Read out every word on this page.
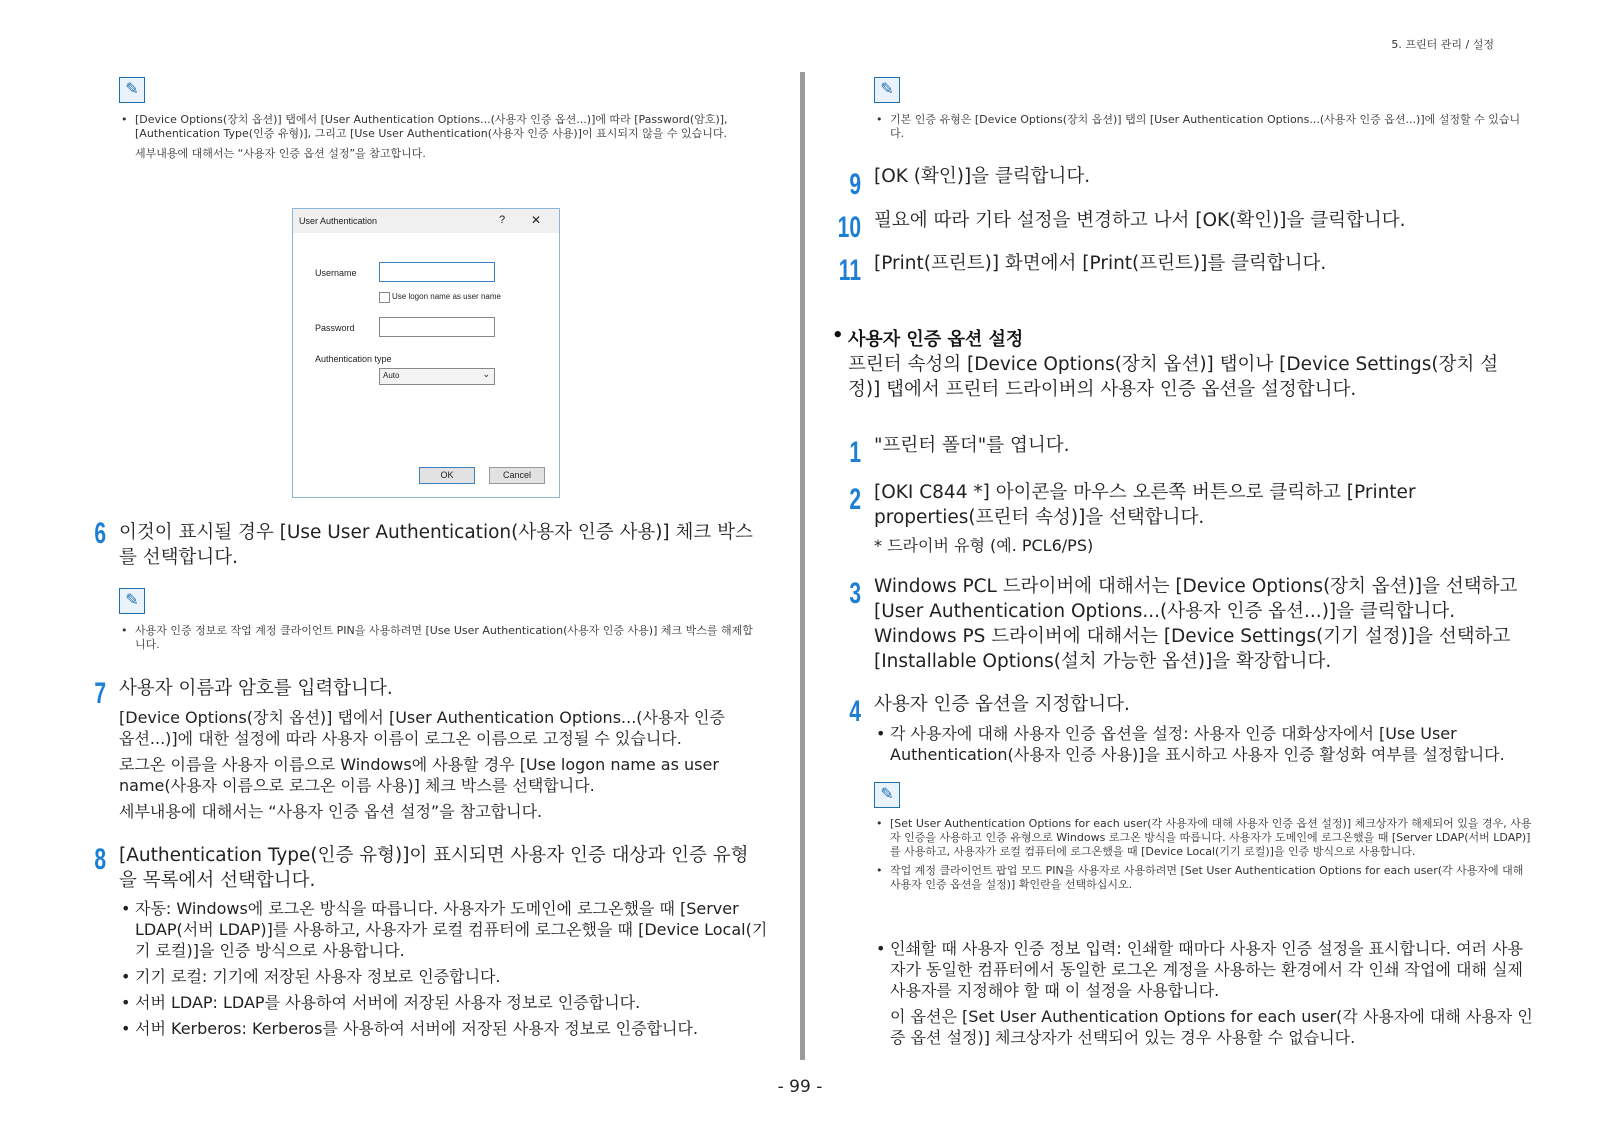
5. 프린터 관리 / 설정
- 99 -
✎
• [Device Options(장치 옵션)] 탭에서 [User Authentication Options...(사용자 인증 옵션...)]에 따라 [Password(암호)], [Authentication Type(인증 유형)], 그리고 [Use User Authentication(사용자 인증 사용)]이 표시되지 않을 수 있습니다.
세부내용에 대해서는 “사용자 인증 옵션 설정”을 참고합니다.
User Authentication	? ✕
Username
Use logon name as user name
Password
Authentication type
Auto	⌄
OK	Cancel
6 이것이 표시될 경우 [Use User Authentication(사용자 인증 사용)] 체크 박스를 선택합니다.
✎
• 사용자 인증 정보로 작업 계정 클라이언트 PIN을 사용하려면 [Use User Authentication(사용자 인증 사용)] 체크 박스를 해제합니다.
7 사용자 이름과 암호를 입력합니다.
[Device Options(장치 옵션)] 탭에서 [User Authentication Options...(사용자 인증 옵션...)]에 대한 설정에 따라 사용자 이름이 로그온 이름으로 고정될 수 있습니다.
로그온 이름을 사용자 이름으로 Windows에 사용할 경우 [Use logon name as user name(사용자 이름으로 로그온 이름 사용)] 체크 박스를 선택합니다.
세부내용에 대해서는 “사용자 인증 옵션 설정”을 참고합니다.
8 [Authentication Type(인증 유형)]이 표시되면 사용자 인증 대상과 인증 유형을 목록에서 선택합니다.
• 자동: Windows에 로그온 방식을 따릅니다. 사용자가 도메인에 로그온했을 때 [Server LDAP(서버 LDAP)]를 사용하고, 사용자가 로컬 컴퓨터에 로그온했을 때 [Device Local(기기 로컬)]을 인증 방식으로 사용합니다.
• 기기 로컬: 기기에 저장된 사용자 정보로 인증합니다.
• 서버 LDAP: LDAP를 사용하여 서버에 저장된 사용자 정보로 인증합니다.
• 서버 Kerberos: Kerberos를 사용하여 서버에 저장된 사용자 정보로 인증합니다.
✎
• 기본 인증 유형은 [Device Options(장치 옵션)] 탭의 [User Authentication Options...(사용자 인증 옵션...)]에 설정할 수 있습니다.
9 [OK (확인)]을 클릭합니다.
10 필요에 따라 기타 설정을 변경하고 나서 [OK(확인)]을 클릭합니다.
11 [Print(프린트)] 화면에서 [Print(프린트)]를 클릭합니다.
• 사용자 인증 옵션 설정
프린터 속성의 [Device Options(장치 옵션)] 탭이나 [Device Settings(장치 설정)] 탭에서 프린터 드라이버의 사용자 인증 옵션을 설정합니다.
1 "프린터 폴더"를 엽니다.
2 [OKI C844 *] 아이콘을 마우스 오른쪽 버튼으로 클릭하고 [Printer properties(프린터 속성)]을 선택합니다.
* 드라이버 유형 (예. PCL6/PS)
3 Windows PCL 드라이버에 대해서는 [Device Options(장치 옵션)]을 선택하고 [User Authentication Options...(사용자 인증 옵션...)]을 클릭합니다. Windows PS 드라이버에 대해서는 [Device Settings(기기 설정)]을 선택하고 [Installable Options(설치 가능한 옵션)]을 확장합니다.
4 사용자 인증 옵션을 지정합니다.
• 각 사용자에 대해 사용자 인증 옵션을 설정: 사용자 인증 대화상자에서 [Use User Authentication(사용자 인증 사용)]을 표시하고 사용자 인증 활성화 여부를 설정합니다.
✎
• [Set User Authentication Options for each user(각 사용자에 대해 사용자 인증 옵션 설정)] 체크상자가 해제되어 있을 경우, 사용자 인증을 사용하고 인증 유형으로 Windows 로그온 방식을 따릅니다. 사용자가 도메인에 로그온했을 때 [Server LDAP(서버 LDAP)]를 사용하고, 사용자가 로컬 컴퓨터에 로그온했을 때 [Device Local(기기 로컬)]을 인증 방식으로 사용합니다.
• 작업 계정 클라이언트 팝업 모드 PIN을 사용자로 사용하려면 [Set User Authentication Options for each user(각 사용자에 대해 사용자 인증 옵션을 설정)] 확인란을 선택하십시오.
• 인쇄할 때 사용자 인증 정보 입력: 인쇄할 때마다 사용자 인증 설정을 표시합니다. 여러 사용자가 동일한 컴퓨터에서 동일한 로그온 계정을 사용하는 환경에서 각 인쇄 작업에 대해 실제 사용자를 지정해야 할 때 이 설정을 사용합니다.
이 옵션은 [Set User Authentication Options for each user(각 사용자에 대해 사용자 인증 옵션 설정)] 체크상자가 선택되어 있는 경우 사용할 수 없습니다.
